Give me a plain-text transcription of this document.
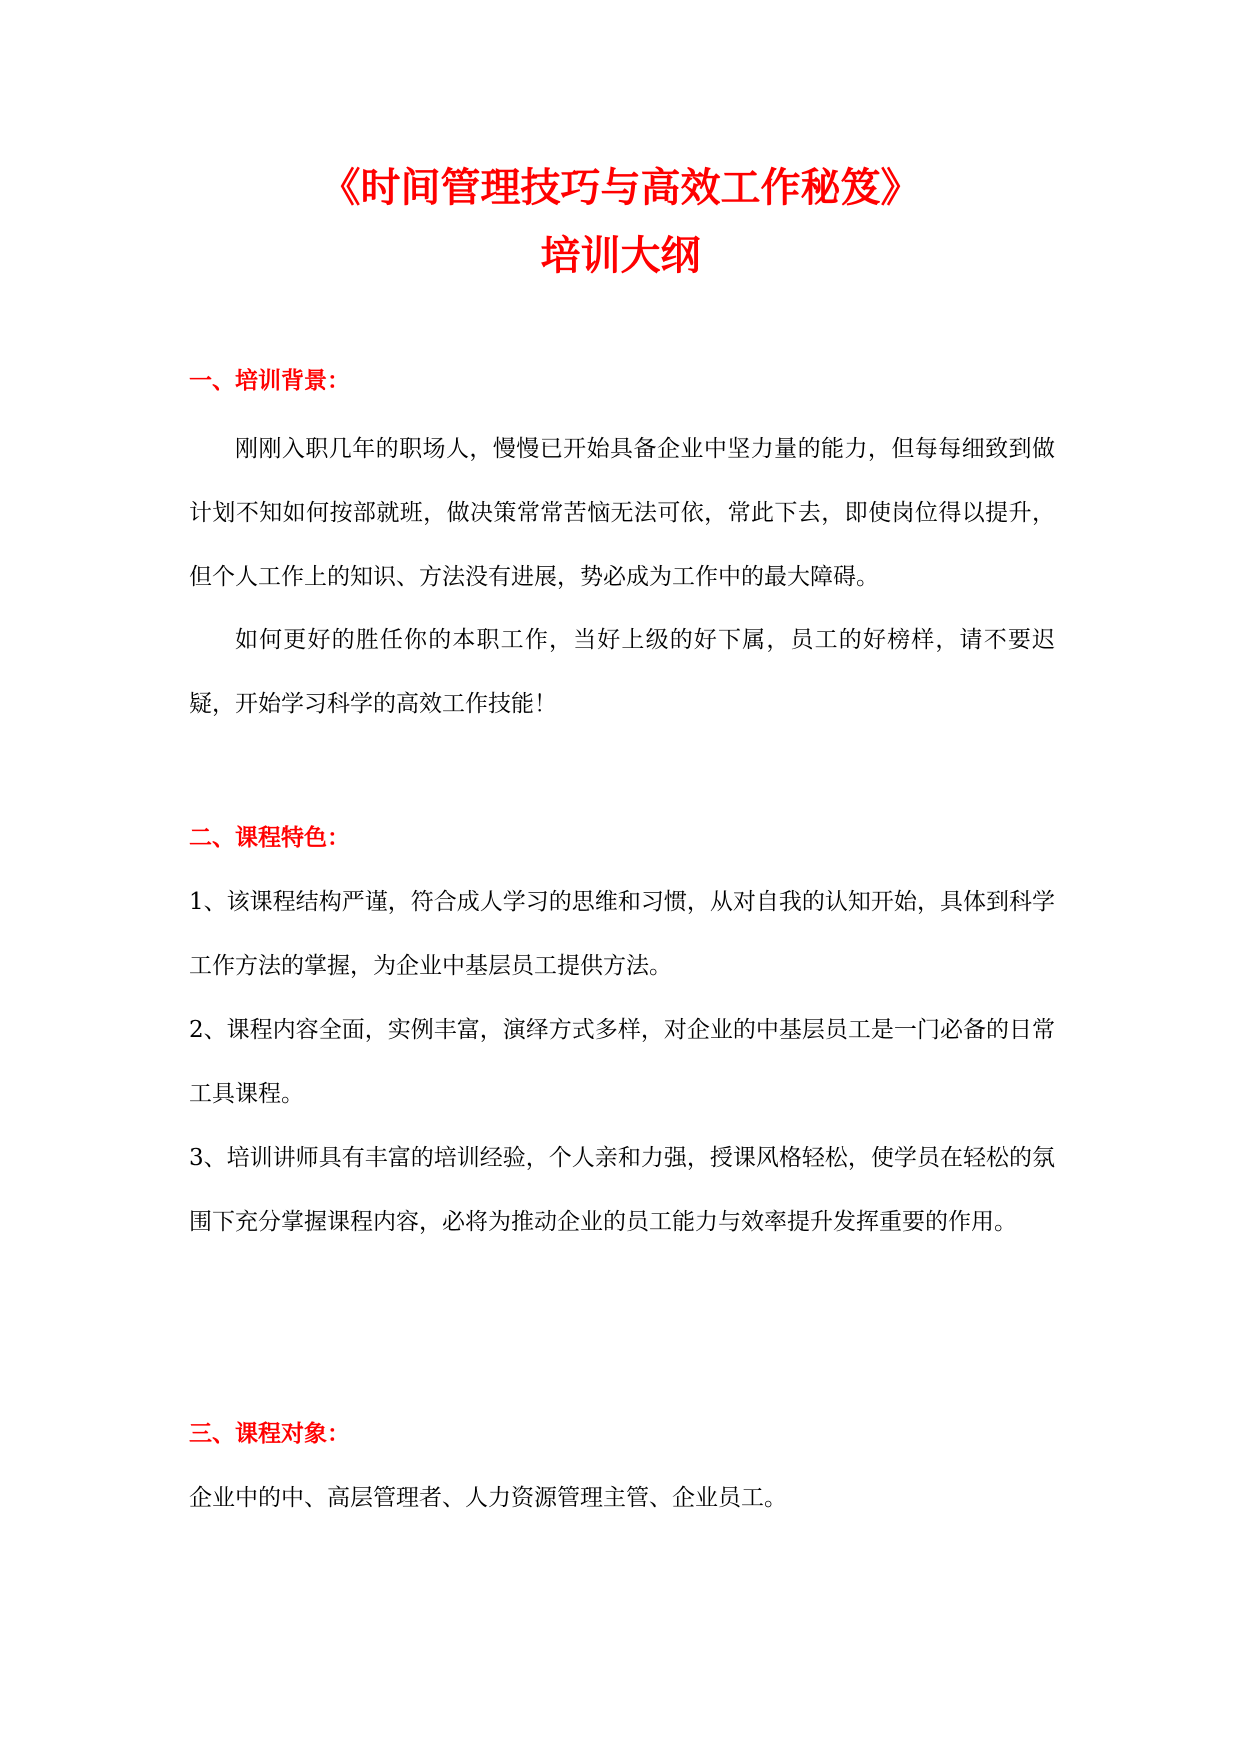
《时间管理技巧与高效工作秘笈》
培训大纲
一、培训背景：

刚刚入职几年的职场人，慢慢已开始具备企业中坚力量的能力，但每每细致到做计划不知如何按部就班，做决策常常苦恼无法可依，常此下去，即使岗位得以提升，但个人工作上的知识、方法没有进展，势必成为工作中的最大障碍。

如何更好的胜任你的本职工作，当好上级的好下属，员工的好榜样，请不要迟疑，开始学习科学的高效工作技能！

二、课程特色：

1、该课程结构严谨，符合成人学习的思维和习惯，从对自我的认知开始，具体到科学工作方法的掌握，为企业中基层员工提供方法。

2、课程内容全面，实例丰富，演绎方式多样，对企业的中基层员工是一门必备的日常工具课程。

3、培训讲师具有丰富的培训经验，个人亲和力强，授课风格轻松，使学员在轻松的氛围下充分掌握课程内容，必将为推动企业的员工能力与效率提升发挥重要的作用。

三、课程对象：

企业中的中、高层管理者、人力资源管理主管、企业员工。
